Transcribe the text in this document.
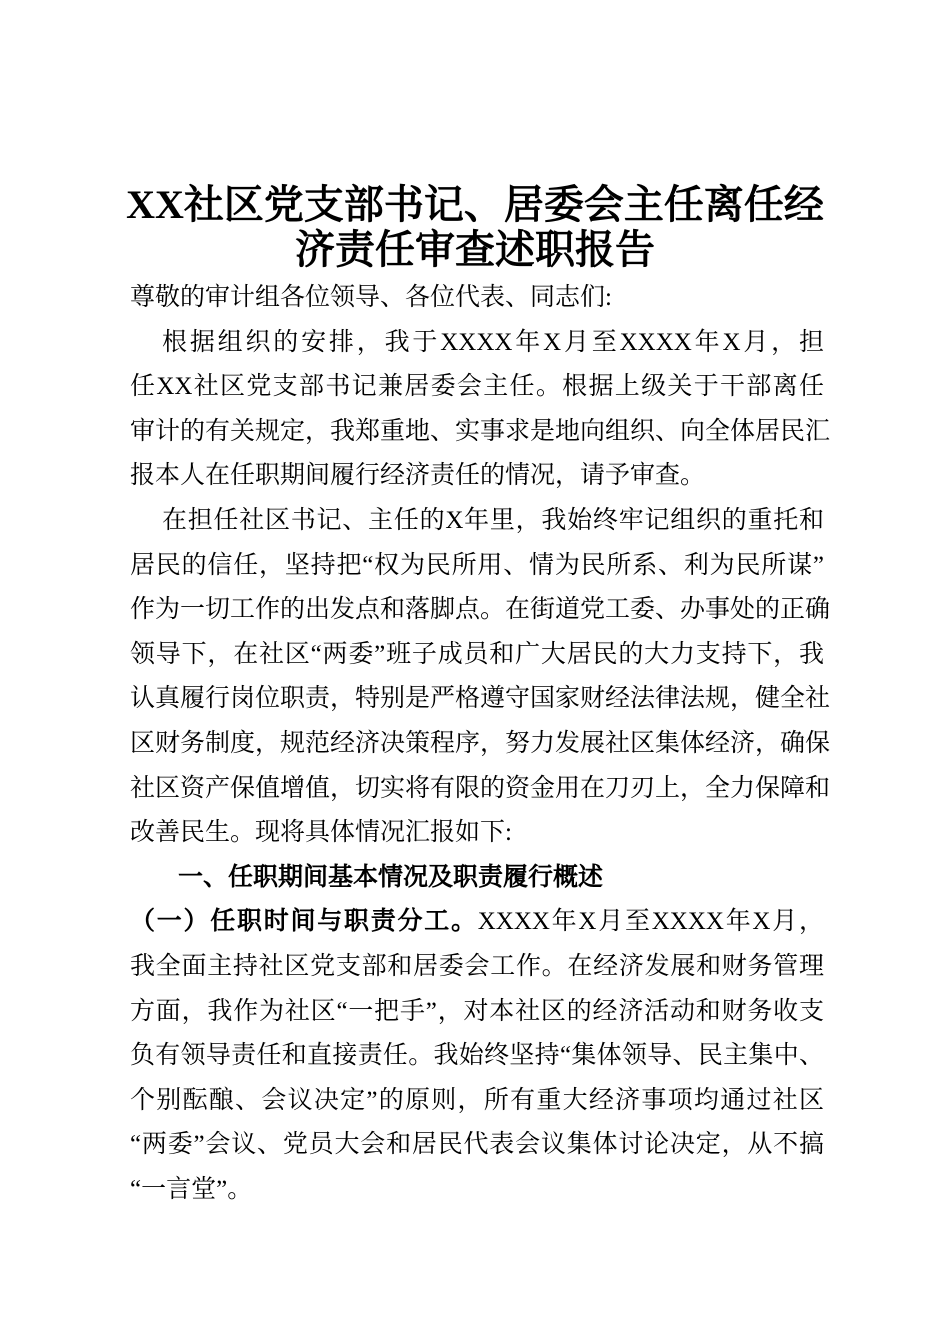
XX社区党支部书记、居委会主任离任经
济责任审查述职报告
尊敬的审计组各位领导、各位代表、同志们:
根据组织的安排，我于XXXX年X月至XXXX年X月，担
任XX社区党支部书记兼居委会主任。根据上级关于干部离任
审计的有关规定，我郑重地、实事求是地向组织、向全体居民汇
报本人在任职期间履行经济责任的情况，请予审查。
在担任社区书记、主任的X年里，我始终牢记组织的重托和
居民的信任，坚持把“权为民所用、情为民所系、利为民所谋”
作为一切工作的出发点和落脚点。在街道党工委、办事处的正确
领导下，在社区“两委”班子成员和广大居民的大力支持下，我
认真履行岗位职责，特别是严格遵守国家财经法律法规，健全社
区财务制度，规范经济决策程序，努力发展社区集体经济，确保
社区资产保值增值，切实将有限的资金用在刀刃上，全力保障和
改善民生。现将具体情况汇报如下:
一、任职期间基本情况及职责履行概述
（一）任职时间与职责分工。XXXX年X月至XXXX年X月，
我全面主持社区党支部和居委会工作。在经济发展和财务管理
方面，我作为社区“一把手”，对本社区的经济活动和财务收支
负有领导责任和直接责任。我始终坚持“集体领导、民主集中、
个别酝酿、会议决定”的原则，所有重大经济事项均通过社区
“两委”会议、党员大会和居民代表会议集体讨论决定，从不搞
“一言堂”。
